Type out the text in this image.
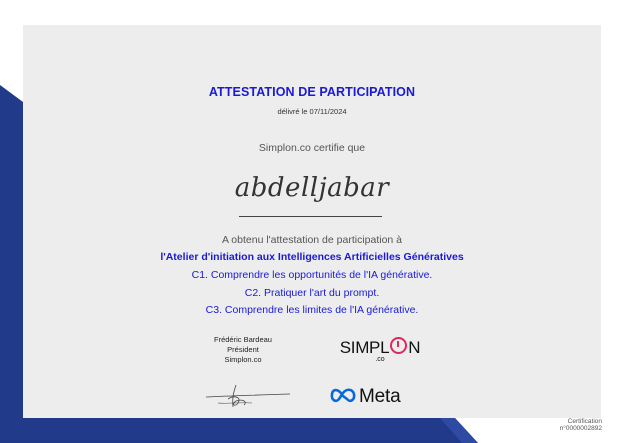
ATTESTATION DE PARTICIPATION
délivré le 07/11/2024
Simplon.co certifie que
abdelljabar
A obtenu l'attestation de participation à
l'Atelier d'initiation aux Intelligences Artificielles Génératives
C1. Comprendre les opportunités de l'IA générative.
C2. Pratiquer l'art du prompt.
C3. Comprendre les limites de l'IA générative.
Frédéric Bardeau
Président
Simplon.co
SIMPL N
.co
Meta
Certification
n°0000002892
